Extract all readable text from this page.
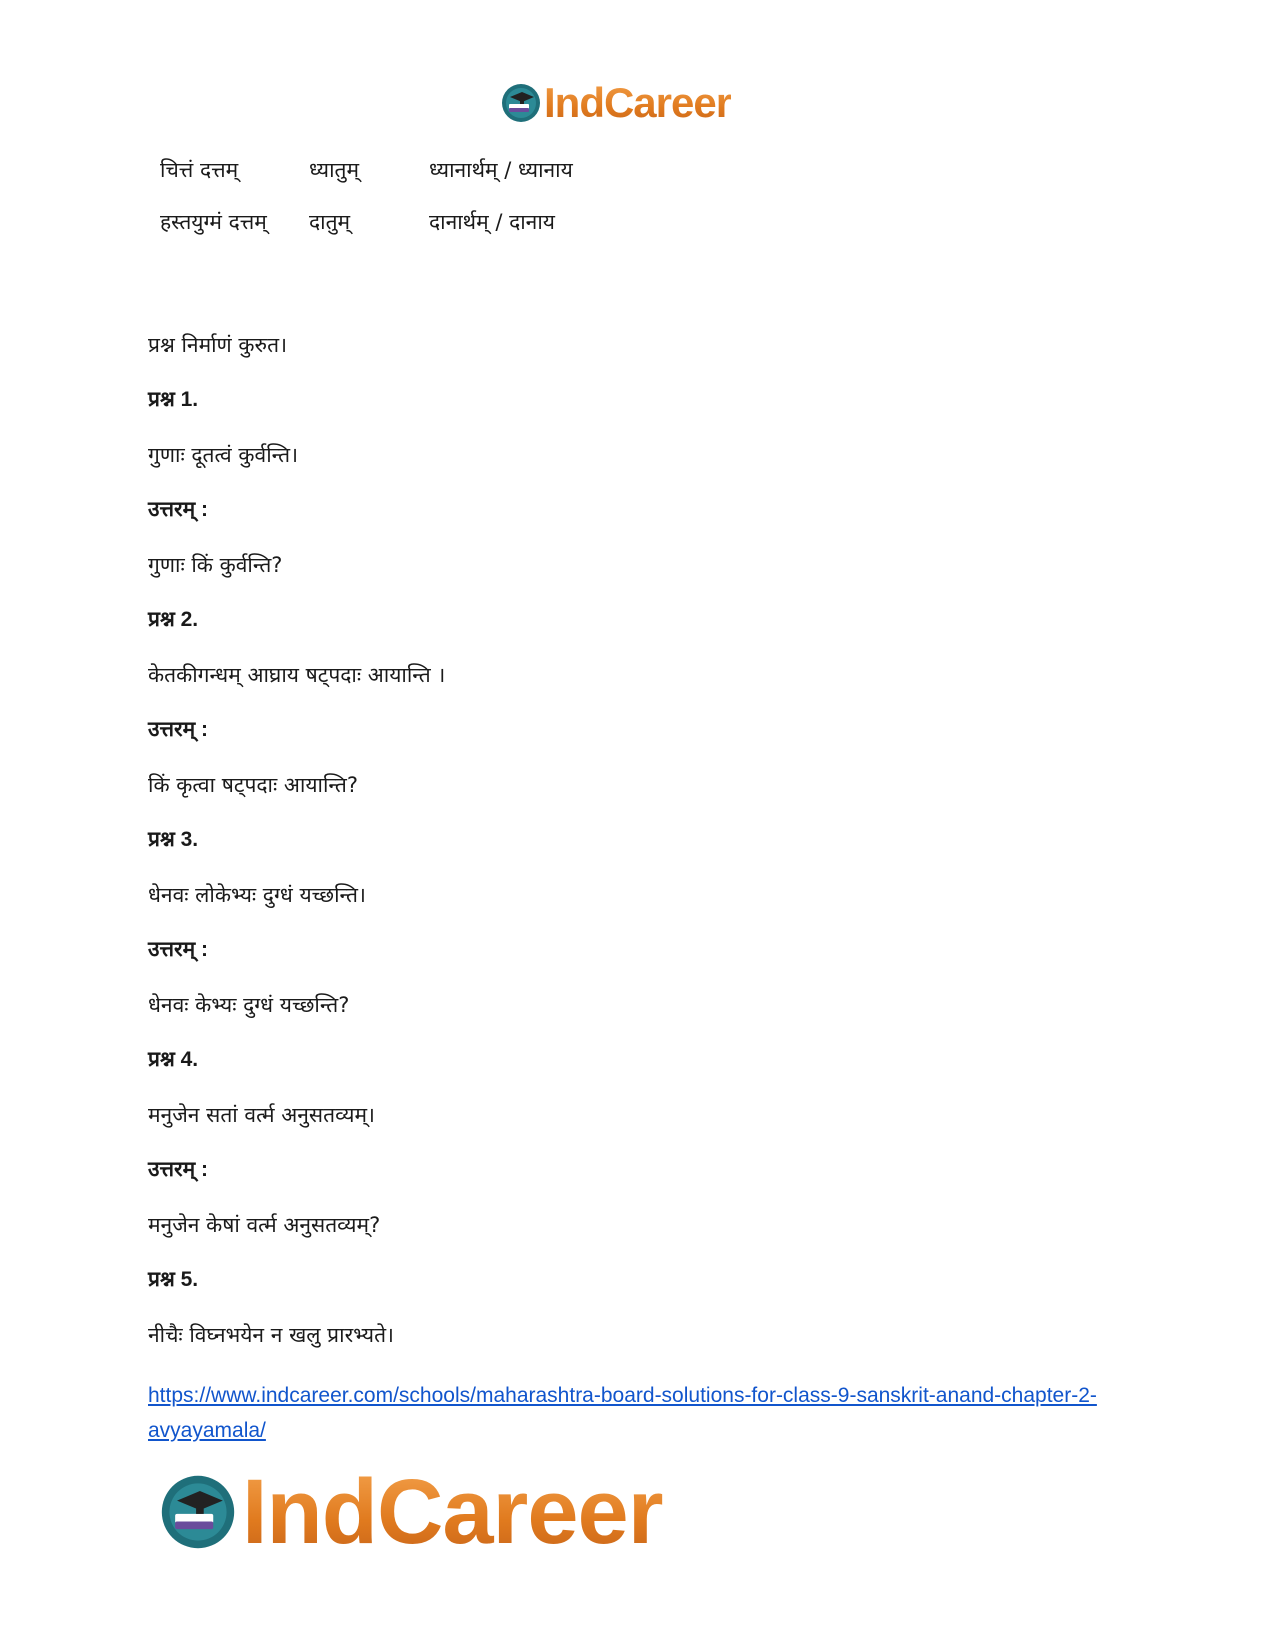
IndCareer
चित्तं दत्तम्	ध्यातुम्	ध्यानार्थम् / ध्यानाय
हस्तयुग्मं दत्तम्	दातुम्	दानार्थम् / दानाय
प्रश्न निर्माणं कुरुत।
प्रश्न 1.
गुणाः दूतत्वं कुर्वन्ति।
उत्तरम् :
गुणाः किं कुर्वन्ति?
प्रश्न 2.
केतकीगन्धम् आघ्राय षट्पदाः आयान्ति ।
उत्तरम् :
किं कृत्वा षट्पदाः आयान्ति?
प्रश्न 3.
धेनवः लोकेभ्यः दुग्धं यच्छन्ति।
उत्तरम् :
धेनवः केभ्यः दुग्धं यच्छन्ति?
प्रश्न 4.
मनुजेन सतां वर्त्म अनुसतव्यम्।
उत्तरम् :
मनुजेन केषां वर्त्म अनुसतव्यम्?
प्रश्न 5.
नीचैः विघ्नभयेन न खलु प्रारभ्यते।
https://www.indcareer.com/schools/maharashtra-board-solutions-for-class-9-sanskrit-anand-chapter-2-avyayamala/
IndCareer
